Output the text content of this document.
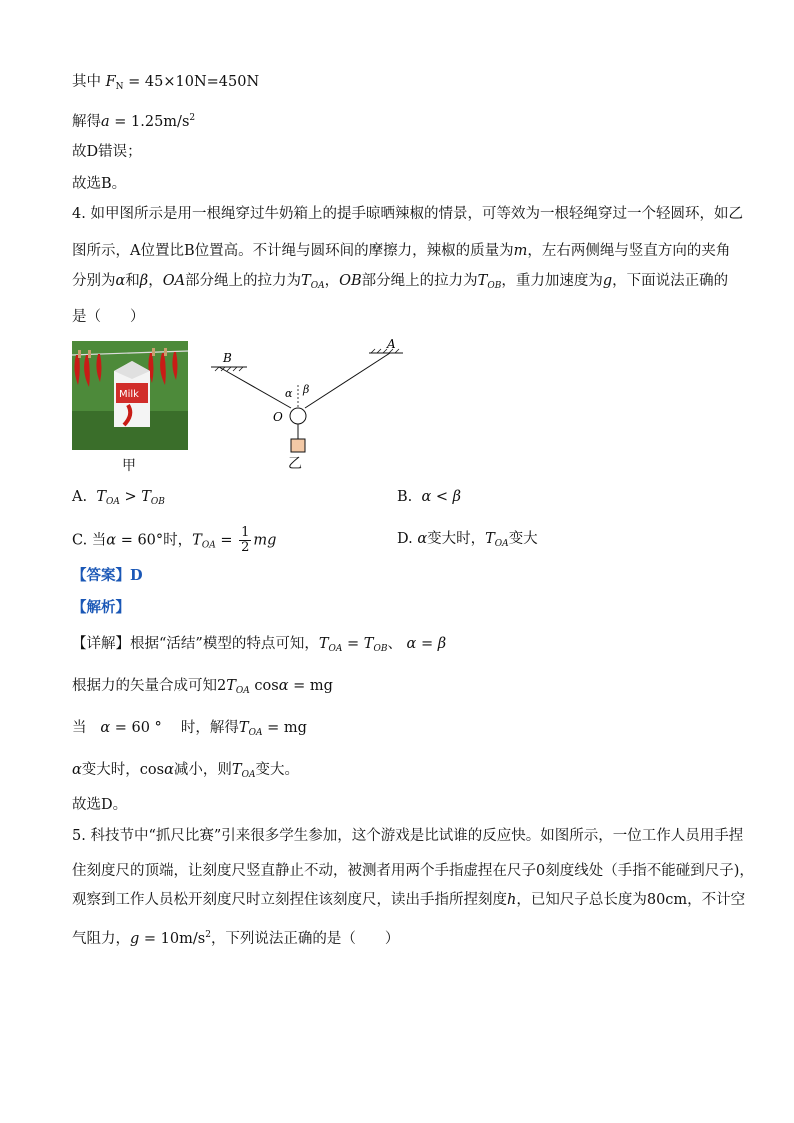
其中 $F_N = 45\times 10N=450N$
解得$a = 1.25m/s^2$
故D错误；
故选B。
4. 如甲图所示是用一根绳穿过牛奶箱上的提手晾晒辣椒的情景，可等效为一根轻绳穿过一个轻圆环，如乙
图所示，A位置比B位置高。不计绳与圆环间的摩擦力，辣椒的质量为m，左右两侧绳与竖直方向的夹角
分别为α和β，OA部分绳上的拉力为$T_{OA}$，OB部分绳上的拉力为$T_{OB}$，重力加速度为g，下面说法正确的
是（　　）
Milk
甲
B
A
O
α β
乙
A. $T_{OA} > T_{OB}$	B. α < β
C. 当α = 60°时，$T_{OA} = \frac{1}{2}$ mg	D. α变大时，$T_{OA}$变大
【答案】D
【解析】
【详解】根据“活结”模型的特点可知，$T_{OA} = T_{OB}$、 α = β
根据力的矢量合成可知$2T_{OA}$ cosα = mg
当 α = 60 °　 时，解得$T_{OA}$ = mg
α变大时，cosα减小，则$T_{OA}$变大。
故选D。
5. 科技节中“抓尺比赛”引来很多学生参加，这个游戏是比试谁的反应快。如图所示，一位工作人员用手捏
住刻度尺的顶端，让刻度尺竖直静止不动，被测者用两个手指虚捏在尺子0刻度线处（手指不能碰到尺子)，
观察到工作人员松开刻度尺时立刻捏住该刻度尺，读出手指所捏刻度h，已知尺子总长度为80cm，不计空
气阻力，$g = 10m/s^2$，下列说法正确的是（　　）
